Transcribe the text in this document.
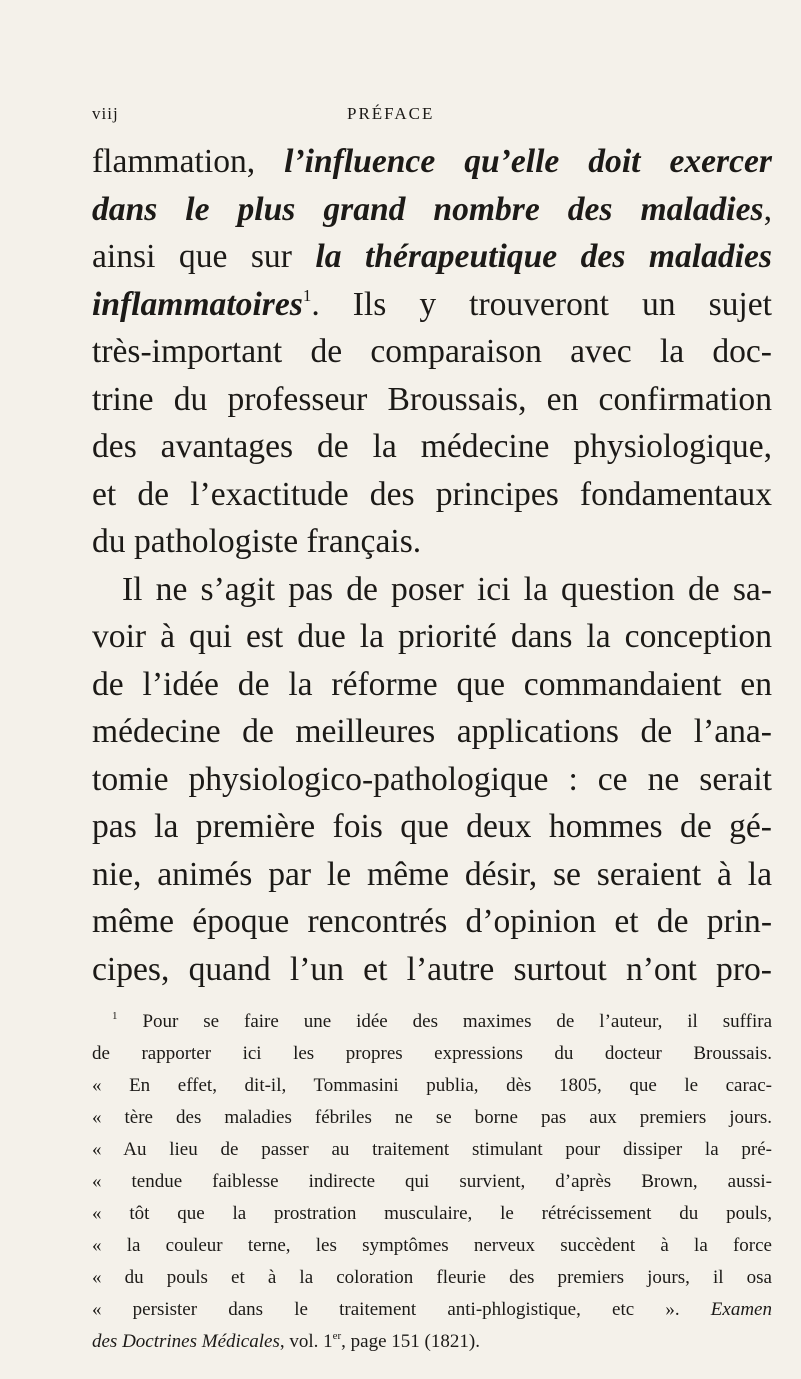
viij	PRÉFACE
flammation, l’influence qu’elle doit exercer
dans le plus grand nombre des maladies,
ainsi que sur la thérapeutique des maladies
inflammatoires$^1$. Ils y trouveront un sujet
très-important de comparaison avec la doc-
trine du professeur Broussais, en confirmation
des avantages de la médecine physiologique,
et de l’exactitude des principes fondamentaux
du pathologiste français.
Il ne s’agit pas de poser ici la question de sa-
voir à qui est due la priorité dans la conception
de l’idée de la réforme que commandaient en
médecine de meilleures applications de l’ana-
tomie physiologico-pathologique : ce ne serait
pas la première fois que deux hommes de gé-
nie, animés par le même désir, se seraient à la
même époque rencontrés d’opinion et de prin-
cipes, quand l’un et l’autre surtout n’ont pro-
$^1$ Pour se faire une idée des maximes de l’auteur, il suffira
de rapporter ici les propres expressions du docteur Broussais.
« En effet, dit-il, Tommasini publia, dès 1805, que le carac-
« tère des maladies fébriles ne se borne pas aux premiers jours.
« Au lieu de passer au traitement stimulant pour dissiper la pré-
« tendue faiblesse indirecte qui survient, d’après Brown, aussi-
« tôt que la prostration musculaire, le rétrécissement du pouls,
« la couleur terne, les symptômes nerveux succèdent à la force
« du pouls et à la coloration fleurie des premiers jours, il osa
« persister dans le traitement anti-phlogistique, etc ». Examen
des Doctrines Médicales, vol. 1er, page 151 (1821).
